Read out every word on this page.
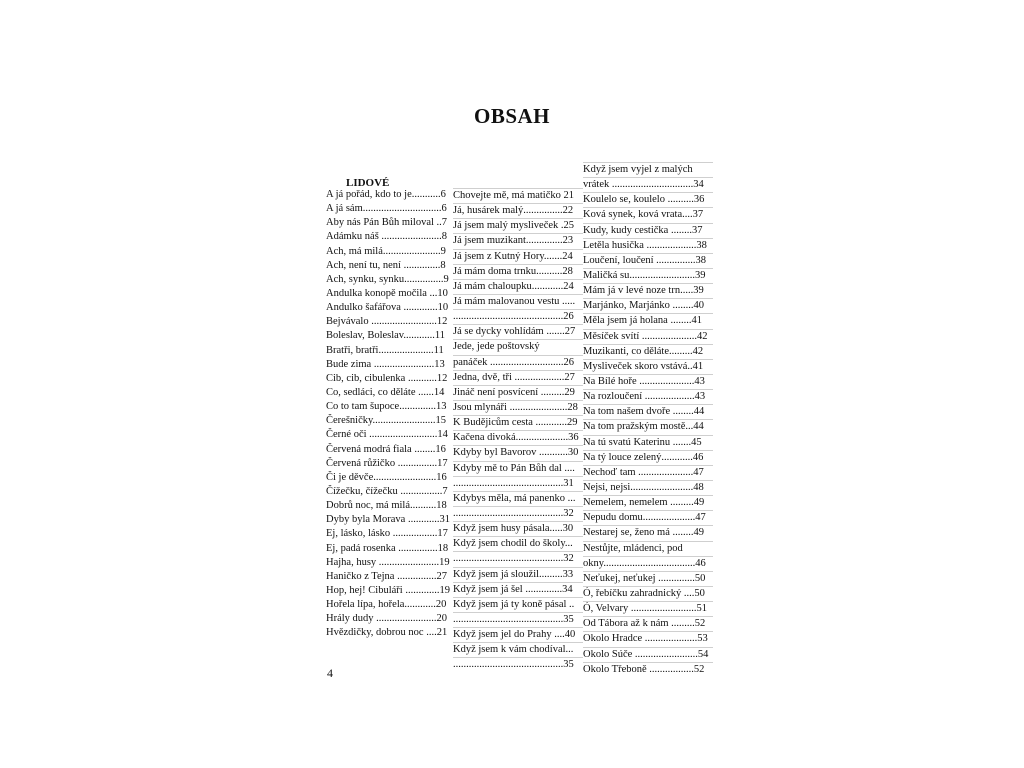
OBSAH
LIDOVÉ
A já pořád, kdo to je...........6
A já sám..............................6
Aby nás Pán Bůh miloval ..7
Adámku náš .......................8
Ach, má milá......................9
Ach, není tu, není ..............8
Ach, synku, synku...............9
Andulka konopě močila ...10
Andulko šafářova .............10
Bejvávalo .........................12
Boleslav, Boleslav............11
Bratři, bratři.....................11
Bude zima .......................13
Cib, cib, cibulenka ...........12
Co, sedláci, co děláte ......14
Co to tam šupoce..............13
Čerešničky........................15
Černé oči ..........................14
Červená modrá fiala ........16
Červená růžičko ...............17
Či je děvče........................16
Čížečku, čížečku ................7
Dobrů noc, má milá..........18
Dyby byla Morava ............31
Ej, lásko, lásko .................17
Ej, padá rosenka ...............18
Hajha, husy .......................19
Haničko z Tejna ...............27
Hop, hej! Cibuláři .............19
Hořela lípa, hořela............20
Hrály dudy .......................20
Hvězdičky, dobrou noc ....21
Chovejte mě, má matičko 21
Já, husárek malý...............22
Já jsem malý mysliveček .25
Já jsem muzikant..............23
Já jsem z Kutný Hory.......24
Já mám doma trnku..........28
Já mám chaloupku............24
Já mám malovanou vestu .....
..........................................26
Já se dycky vohlídám .......27
Jede, jede poštovský
panáček ............................26
Jedna, dvě, tři ...................27
Jináč není posvícení .........29
Jsou mlynáři ......................28
K Budějicům cesta ............29
Kačena divoká....................36
Kdyby byl Bavorov ...........30
Kdyby mě to Pán Bůh dal ....
..........................................31
Kdybys měla, má panenko ...
..........................................32
Když jsem husy pásala.....30
Když jsem chodil do školy...
..........................................32
Když jsem já sloužil.........33
Když jsem já šel ..............34
Když jsem já ty koně pásal ..
..........................................35
Když jsem jel do Prahy ....40
Když jsem k vám chodíval...
..........................................35
Když jsem vyjel z malých
vrátek ...............................34
Koulelo se, koulelo ..........36
Ková synek, ková vrata....37
Kudy, kudy cestička ........37
Letěla husička ...................38
Loučení, loučení ...............38
Maličká su.........................39
Mám já v levé noze trn.....39
Marjánko, Marjánko ........40
Měla jsem já holana ........41
Měsíček svítí .....................42
Muzikanti, co děláte.........42
Mysliveček skoro vstává..41
Na Bílé hoře .....................43
Na rozloučení ...................43
Na tom našem dvoře ........44
Na tom pražským mostě...44
Na tú svatú Katerinu .......45
Na tý louce zelený............46
Nechoď tam .....................47
Nejsi, nejsi........................48
Nemelem, nemelem .........49
Nepudu domu....................47
Nestarej se, ženo má ........49
Nestůjte, mládenci, pod
okny...................................46
Neťukej, neťukej ..............50
Ó, řebíčku zahradnický ....50
Ó, Velvary .........................51
Od Tábora až k nám .........52
Okolo Hradce ....................53
Okolo Súče ........................54
Okolo Třeboně .................52
4
